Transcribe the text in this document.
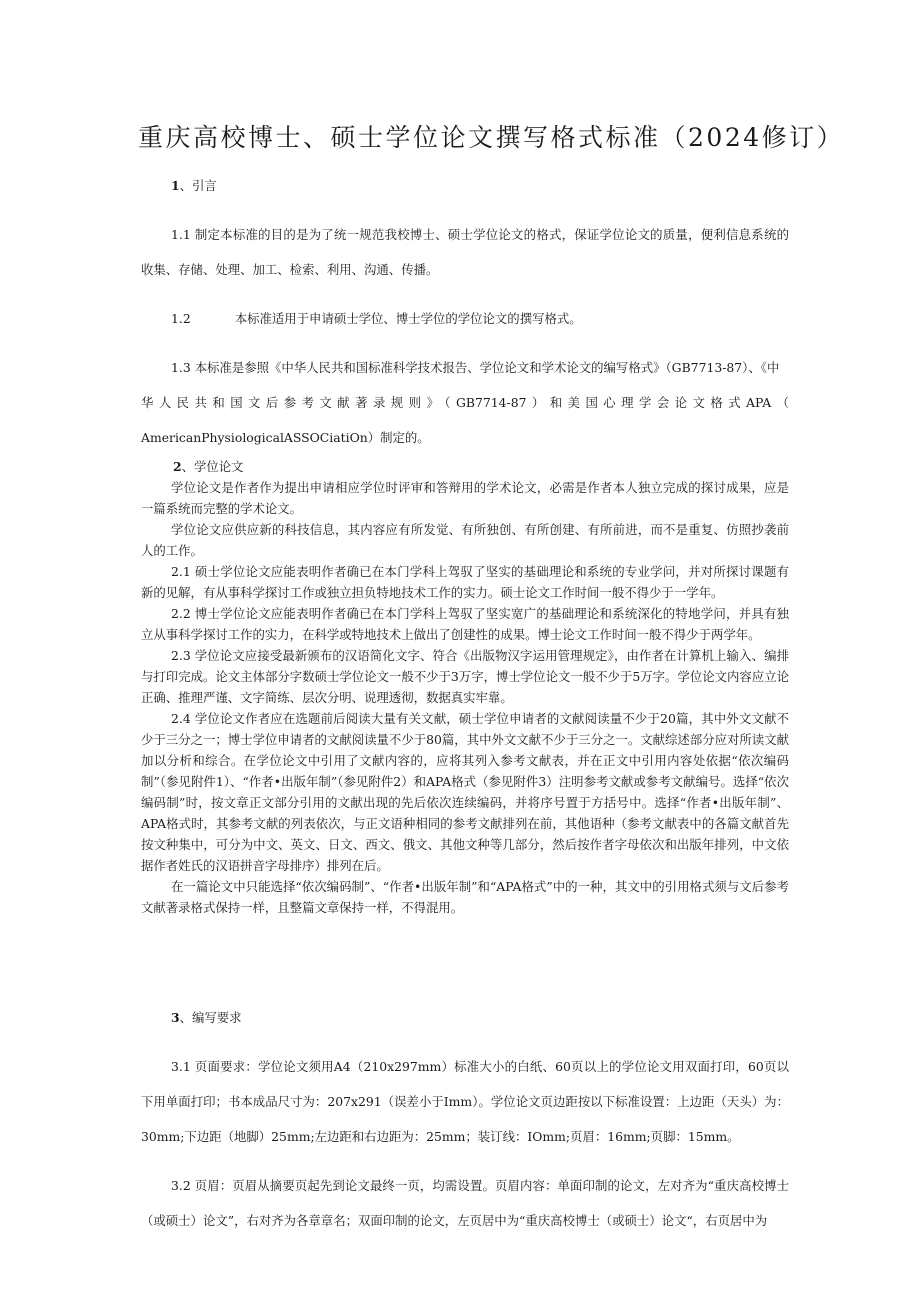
重庆高校博士、硕士学位论文撰写格式标准（2024修订）

1、引言

1.1 制定本标准的目的是为了统一规范我校博士、硕士学位论文的格式，保证学位论文的质量，便利信息系统的收集、存储、处理、加工、检索、利用、沟通、传播。

1.2	本标准适用于申请硕士学位、博士学位的学位论文的撰写格式。

1.3 本标准是参照《中华人民共和国标准科学技术报告、学位论文和学术论文的编写格式》（GB7713-87）、《中

华人民共和国文后参考文献著录规则》（GB7714-87）和美国心理学会论文格式APA（

AmericanPhysiologicalASSOCiatiOn）制定的。

2、学位论文

学位论文是作者作为提出申请相应学位时评审和答辩用的学术论文，必需是作者本人独立完成的探讨成果，应是一篇系统而完整的学术论文。

学位论文应供应新的科技信息，其内容应有所发觉、有所独创、有所创建、有所前进，而不是重复、仿照抄袭前人的工作。

2.1 硕士学位论文应能表明作者确已在本门学科上驾驭了坚实的基础理论和系统的专业学问，并对所探讨课题有新的见解，有从事科学探讨工作或独立担负特地技术工作的实力。硕士论文工作时间一般不得少于一学年。

2.2 博士学位论文应能表明作者确已在本门学科上驾驭了坚实宽广的基础理论和系统深化的特地学问，并具有独立从事科学探讨工作的实力，在科学或特地技术上做出了创建性的成果。博士论文工作时间一般不得少于两学年。

2.3 学位论文应接受最新颁布的汉语简化文字、符合《出版物汉字运用管理规定》，由作者在计算机上输入、编排与打印完成。论文主体部分字数硕士学位论文一般不少于3万字，博士学位论文一般不少于5万字。学位论文内容应立论正确、推理严谨、文字简练、层次分明、说理透彻，数据真实牢靠。

2.4 学位论文作者应在选题前后阅读大量有关文献，硕士学位申请者的文献阅读量不少于20篇，其中外文文献不少于三分之一；博士学位申请者的文献阅读量不少于80篇，其中外文文献不少于三分之一。文献综述部分应对所读文献加以分析和综合。在学位论文中引用了文献内容的，应将其列入参考文献表，并在正文中引用内容处依据“依次编码制”（参见附件1）、“作者•出版年制”（参见附件2）和APA格式（参见附件3）注明参考文献或参考文献编号。选择“依次编码制”时，按文章正文部分引用的文献出现的先后依次连续编码，并将序号置于方括号中。选择“作者•出版年制”、APA格式时，其参考文献的列表依次，与正文语种相同的参考文献排列在前，其他语种（参考文献表中的各篇文献首先按文种集中，可分为中文、英文、日文、西文、俄文、其他文种等几部分，然后按作者字母依次和出版年排列，中文依据作者姓氏的汉语拼音字母排序）排列在后。

在一篇论文中只能选择“依次编码制”、“作者•出版年制”和“APA格式”中的一种，其文中的引用格式须与文后参考文献著录格式保持一样，且整篇文章保持一样，不得混用。

3、编写要求

3.1 页面要求：学位论文须用A4（210x297mm）标准大小的白纸、60页以上的学位论文用双面打印，60页以下用单面打印；书本成品尺寸为：207x291（误差小于Imm）。学位论文页边距按以下标准设置：上边距（天头）为：30mm;下边距（地脚）25mm;左边距和右边距为：25mm；装订线：IOmm;页眉：16mm;页脚：15mm。

3.2 页眉：页眉从摘要页起先到论文最终一页，均需设置。页眉内容：单面印制的论文，左对齐为“重庆高校博士（或硕士）论文”，右对齐为各章章名；双面印制的论文，左页居中为“重庆高校博士（或硕士）论文“，右页居中为
